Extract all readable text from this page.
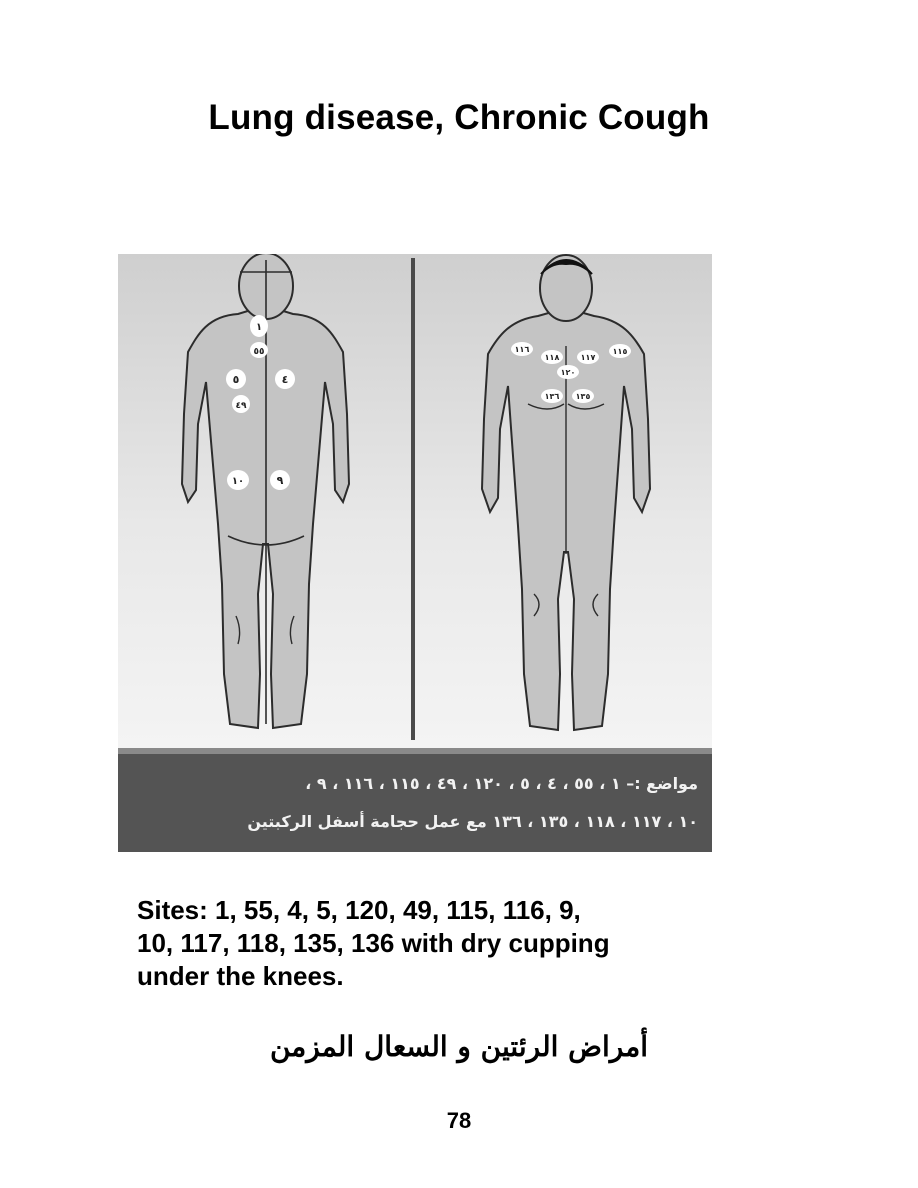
Lung disease, Chronic Cough
١
٥٥
٥	٤
٤٩
١٠	٩
١١٦
١١٨	١١٧
١١٥
١٢٠
١٣٦ ١٣٥
مواضع :– ١ ، ٥٥ ، ٤ ، ٥ ، ١٢٠ ، ٤٩ ، ١١٥ ، ١١٦ ، ٩ ،
١٠ ، ١١٧ ، ١١٨ ، ١٣٥ ، ١٣٦ مع عمل حجامة أسفل الركبتين
Sites: 1, 55, 4, 5, 120, 49, 115, 116, 9,
10, 117, 118, 135, 136 with dry cupping
under the knees.
أمراض الرئتين و السعال المزمن
78
